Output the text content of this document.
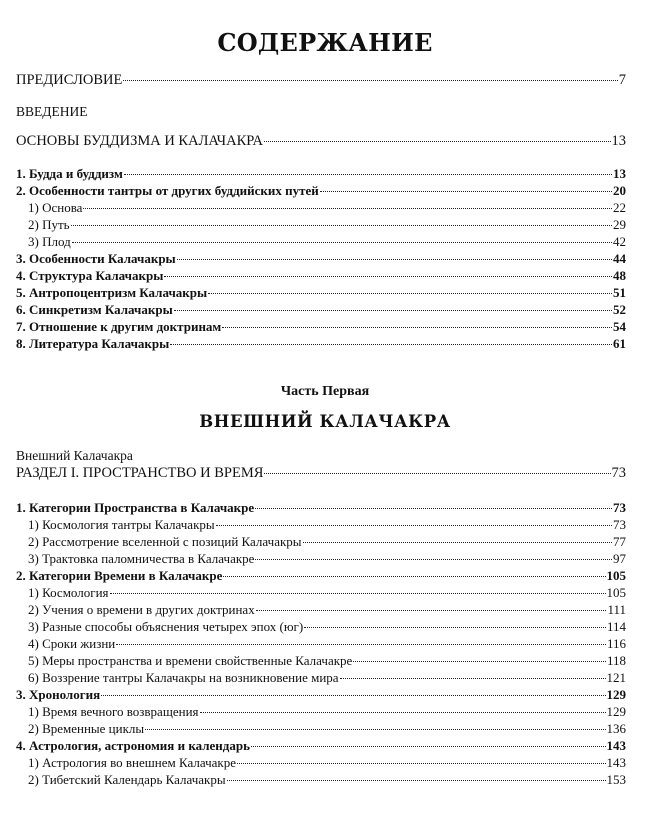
СОДЕРЖАНИЕ
ПРЕДИСЛОВИЕ	7
ВВЕДЕНИЕ
ОСНОВЫ БУДДИЗМА И КАЛАЧАКРА	13
1. Будда и буддизм	13
2. Особенности тантры от других буддийских путей	20
1) Основа	22
2) Путь	29
3) Плод	42
3. Особенности Калачакры	44
4. Структура Калачакры	48
5. Антропоцентризм Калачакры	51
6. Синкретизм Калачакры	52
7. Отношение к другим доктринам	54
8. Литература Калачакры	61
Часть Первая
ВНЕШНИЙ КАЛАЧАКРА
Внешний Калачакра
РАЗДЕЛ I. ПРОСТРАНСТВО И ВРЕМЯ	73
1. Категории Пространства в Калачакре	73
1) Космология тантры Калачакры	73
2) Рассмотрение вселенной с позиций Калачакры	77
3) Трактовка паломничества в Калачакре	97
2. Категории Времени в Калачакре	105
1) Космология	105
2) Учения о времени в других доктринах	111
3) Разные способы объяснения четырех эпох (юг)	114
4) Сроки жизни	116
5) Меры пространства и времени свойственные Калачакре	118
6) Воззрение тантры Калачакры на возникновение мира	121
3. Хронология	129
1) Время вечного возвращения	129
2) Временные циклы	136
4. Астрология, астрономия и календарь	143
1) Астрология во внешнем Калачакре	143
2) Тибетский Календарь Калачакры	153
